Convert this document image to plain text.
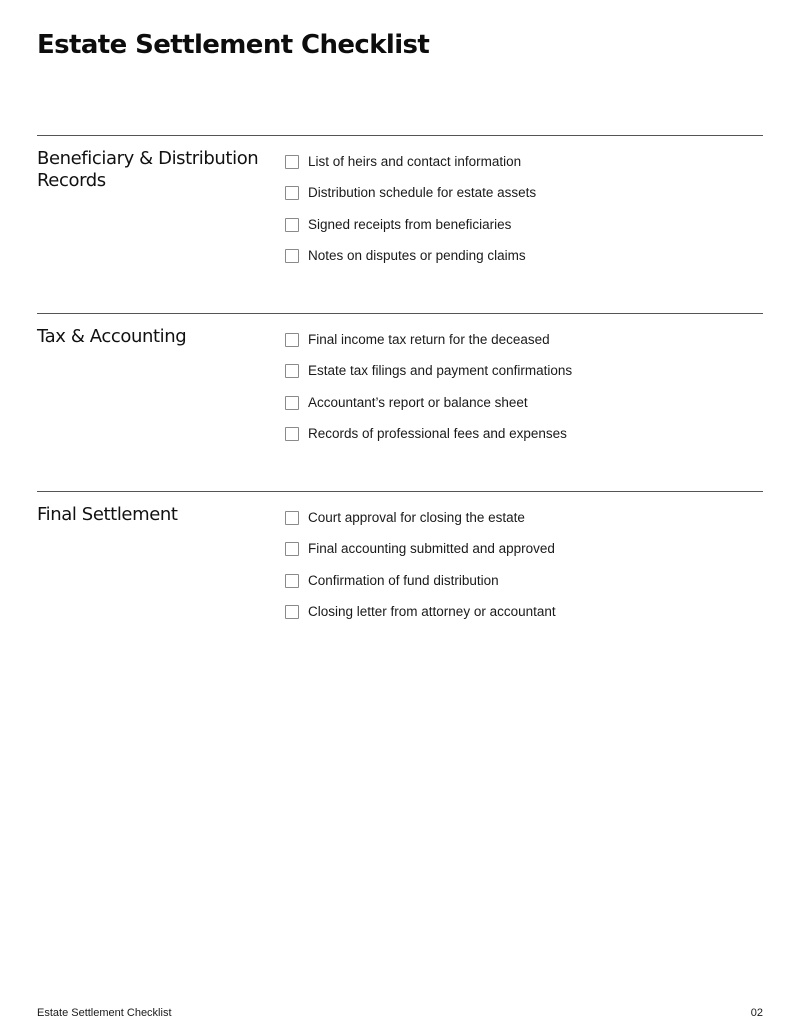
Estate Settlement Checklist
Beneficiary & Distribution Records
List of heirs and contact information
Distribution schedule for estate assets
Signed receipts from beneficiaries
Notes on disputes or pending claims
Tax & Accounting	Final income tax return for the deceased
Estate tax filings and payment confirmations
Accountant’s report or balance sheet
Records of professional fees and expenses
Final Settlement	Court approval for closing the estate
Final accounting submitted and approved
Confirmation of fund distribution
Closing letter from attorney or accountant
Estate Settlement Checklist	02
